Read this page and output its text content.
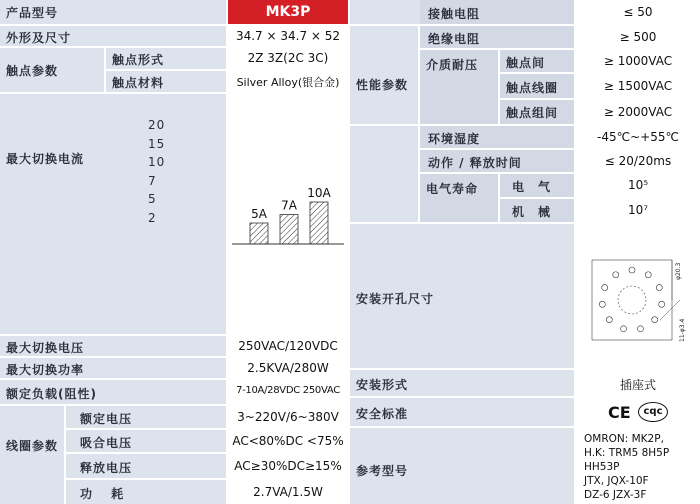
产品型号
外形及尺寸
触点参数
触点形式
触点材料
最大切换电流
20
15
10
7
5
2
最大切换电压
最大切换功率
额定负载(阻性)
线圈参数
额定电压
吸合电压
释放电压
功　 耗
MK3P
34.7 × 34.7 × 52
2Z 3Z(2C 3C)
Silver Alloy(银合金)
5A
7A
10A
250VAC/120VDC
2.5KVA/280W
7-10A/28VDC 250VAC
3~220V/6~380V
AC<80%DC <75%
AC≥30%DC≥15%
2.7VA/1.5W
接触电阻
绝缘电阻
性能参数
介质耐压 触点间
触点线圈
触点组间
环境湿度
动作 / 释放时间
电气寿命	电　气
机　械
安装开孔尺寸
安装形式
安全标准
参考型号
≤ 50
≥ 500
≥ 1000VAC
≥ 1500VAC
≥ 2000VAC
-45℃~+55℃
≤ 20/20ms
10⁵
10⁷
φ20.3
11-φ3.4
插座式
CE	cqc
OMRON: MK2P,
H.K: TRM5 8H5P
HH53P
JTX, JQX-10F
DZ-6 JZX-3F
